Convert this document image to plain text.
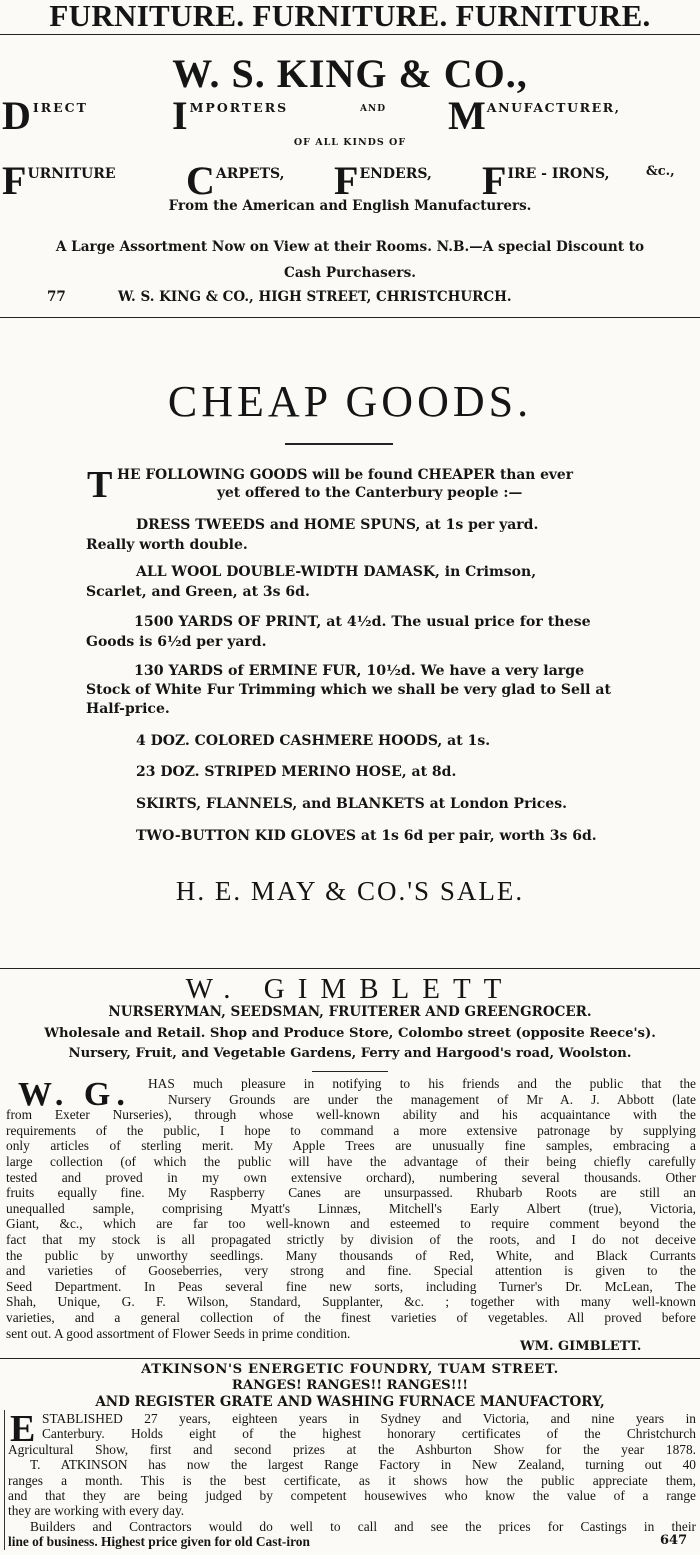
FURNITURE. FURNITURE. FURNITURE.
W. S. KING & CO.,
D $^{IRECT}$ I $^{MPORTERS}$	AND $M^{ANUFACTURER,}$
OF ALL KINDS OF
FURNITURE CARPETS, FENDERS, FIRE - IRONS,	&c.,
From the American and English Manufacturers.
A Large Assortment Now on View at their Rooms. N.B.—A special Discount to
Cash Purchasers.
77	W. S. KING & CO., HIGH STREET, CHRISTCHURCH.
CHEAP GOODS.
T HE FOLLOWING GOODS will be found CHEAPER than ever
yet offered to the Canterbury people :—
DRESS TWEEDS and HOME SPUNS, at 1s per yard.
Really worth double.
ALL WOOL DOUBLE-WIDTH DAMASK, in Crimson,
Scarlet, and Green, at 3s 6d.
1500 YARDS OF PRINT, at 4½d. The usual price for these
Goods is 6½d per yard.
130 YARDS of ERMINE FUR, 10½d. We have a very large
Stock of White Fur Trimming which we shall be very glad to Sell at
Half-price.
4 DOZ. COLORED CASHMERE HOODS, at 1s.
23 DOZ. STRIPED MERINO HOSE, at 8d.
SKIRTS, FLANNELS, and BLANKETS at London Prices.
TWO-BUTTON KID GLOVES at 1s 6d per pair, worth 3s 6d.
H. E. MAY & CO.'S SALE.
W. GIMBLETT
NURSERYMAN, SEEDSMAN, FRUITERER AND GREENGROCER.
Wholesale and Retail. Shop and Produce Store, Colombo street (opposite Reece's).
Nursery, Fruit, and Vegetable Gardens, Ferry and Hargood's road, Woolston.
W. G. HAS much pleasure in notifying to his friends and the public that the
Nursery Grounds are under the management of Mr A. J. Abbott (late
from Exeter Nurseries), through whose well-known ability and his acquaintance with the
requirements of the public, I hope to command a more extensive patronage by supplying
only articles of sterling merit. My Apple Trees are unusually fine samples, embracing a
large collection (of which the public will have the advantage of their being chiefly carefully
tested and proved in my own extensive orchard), numbering several thousands. Other
fruits equally fine. My Raspberry Canes are unsurpassed. Rhubarb Roots are still an
unequalled sample, comprising Myatt's Linnæs, Mitchell's Early Albert (true), Victoria,
Giant, &c., which are far too well-known and esteemed to require comment beyond the
fact that my stock is all propagated strictly by division of the roots, and I do not deceive
the public by unworthy seedlings. Many thousands of Red, White, and Black Currants
and varieties of Gooseberries, very strong and fine. Special attention is given to the
Seed Department. In Peas several fine new sorts, including Turner's Dr. McLean, The
Shah, Unique, G. F. Wilson, Standard, Supplanter, &c. ; together with many well-known
varieties, and a general collection of the finest varieties of vegetables. All proved before
sent out. A good assortment of Flower Seeds in prime condition.
WM. GIMBLETT.
ATKINSON'S ENERGETIC FOUNDRY, TUAM STREET.
RANGES! RANGES!! RANGES!!!
AND REGISTER GRATE AND WASHING FURNACE MANUFACTORY,
E STABLISHED 27 years, eighteen years in Sydney and Victoria, and nine years in
Canterbury. Holds eight of the highest honorary certificates of the Christchurch
Agricultural Show, first and second prizes at the Ashburton Show for the year 1878.
T. ATKINSON has now the largest Range Factory in New Zealand, turning out 40
ranges a month. This is the best certificate, as it shows how the public appreciate them,
and that they are being judged by competent housewives who know the value of a range
they are working with every day.
Builders and Contractors would do well to call and see the prices for Castings in their
line of business. Highest price given for old Cast-iron	647
